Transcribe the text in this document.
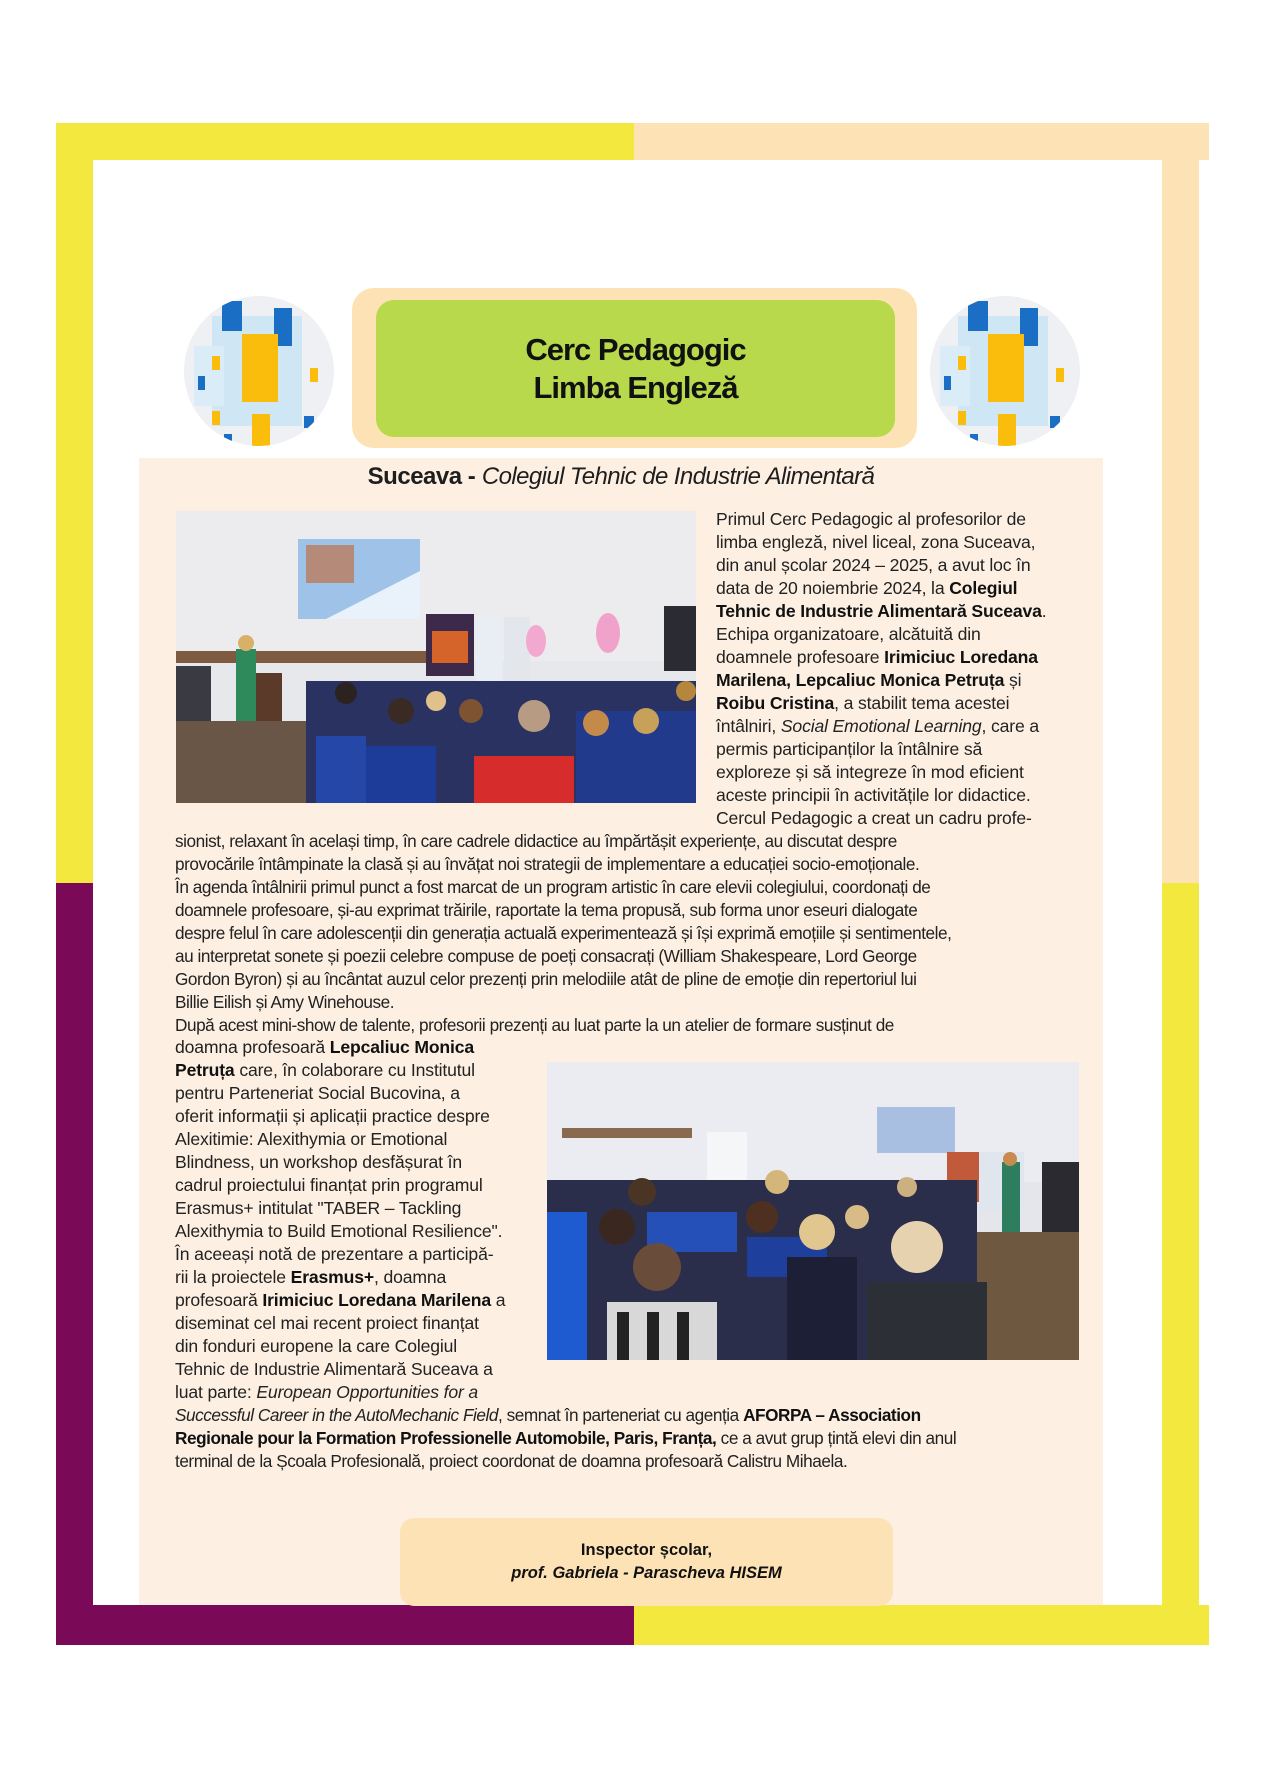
Cerc Pedagogic
Limba Engleză
Suceava - Colegiul Tehnic de Industrie Alimentară
Primul Cerc Pedagogic al profesorilor de
limba engleză, nivel liceal, zona Suceava,
din anul școlar 2024 – 2025, a avut loc în
data de 20 noiembrie 2024, la Colegiul
Tehnic de Industrie Alimentară Suceava.
Echipa organizatoare, alcătuită din
doamnele profesoare Irimiciuc Loredana
Marilena, Lepcaliuc Monica Petruța și
Roibu Cristina, a stabilit tema acestei
întâlniri, Social Emotional Learning, care a
permis participanților la întâlnire să
exploreze și să integreze în mod eficient
aceste principii în activitățile lor didactice.
Cercul Pedagogic a creat un cadru profe-
sionist, relaxant în același timp, în care cadrele didactice au împărtășit experiențe, au discutat despre
provocările întâmpinate la clasă și au învățat noi strategii de implementare a educației socio-emoționale.
În agenda întâlnirii primul punct a fost marcat de un program artistic în care elevii colegiului, coordonați de
doamnele profesoare, și-au exprimat trăirile, raportate la tema propusă, sub forma unor eseuri dialogate
despre felul în care adolescenții din generația actuală experimentează și își exprimă emoțiile și sentimentele,
au interpretat sonete și poezii celebre compuse de poeți consacrați (William Shakespeare, Lord George
Gordon Byron) și au încântat auzul celor prezenți prin melodiile atât de pline de emoție din repertoriul lui
Billie Eilish și Amy Winehouse.
După acest mini-show de talente, profesorii prezenți au luat parte la un atelier de formare susținut de
doamna profesoară Lepcaliuc Monica
Petruța care, în colaborare cu Institutul
pentru Parteneriat Social Bucovina, a
oferit informații și aplicații practice despre
Alexitimie: Alexithymia or Emotional
Blindness, un workshop desfășurat în
cadrul proiectului finanțat prin programul
Erasmus+ intitulat "TABER – Tackling
Alexithymia to Build Emotional Resilience".
În aceeași notă de prezentare a participă-
rii la proiectele Erasmus+, doamna
profesoară Irimiciuc Loredana Marilena a
diseminat cel mai recent proiect finanțat
din fonduri europene la care Colegiul
Tehnic de Industrie Alimentară Suceava a
luat parte: European Opportunities for a
Successful Career in the AutoMechanic Field, semnat în parteneriat cu agenția AFORPA – Association
Regionale pour la Formation Professionelle Automobile, Paris, Franța, ce a avut grup țintă elevi din anul
terminal de la Școala Profesională, proiect coordonat de doamna profesoară Calistru Mihaela.
Inspector școlar,
prof. Gabriela - Parascheva HISEM
